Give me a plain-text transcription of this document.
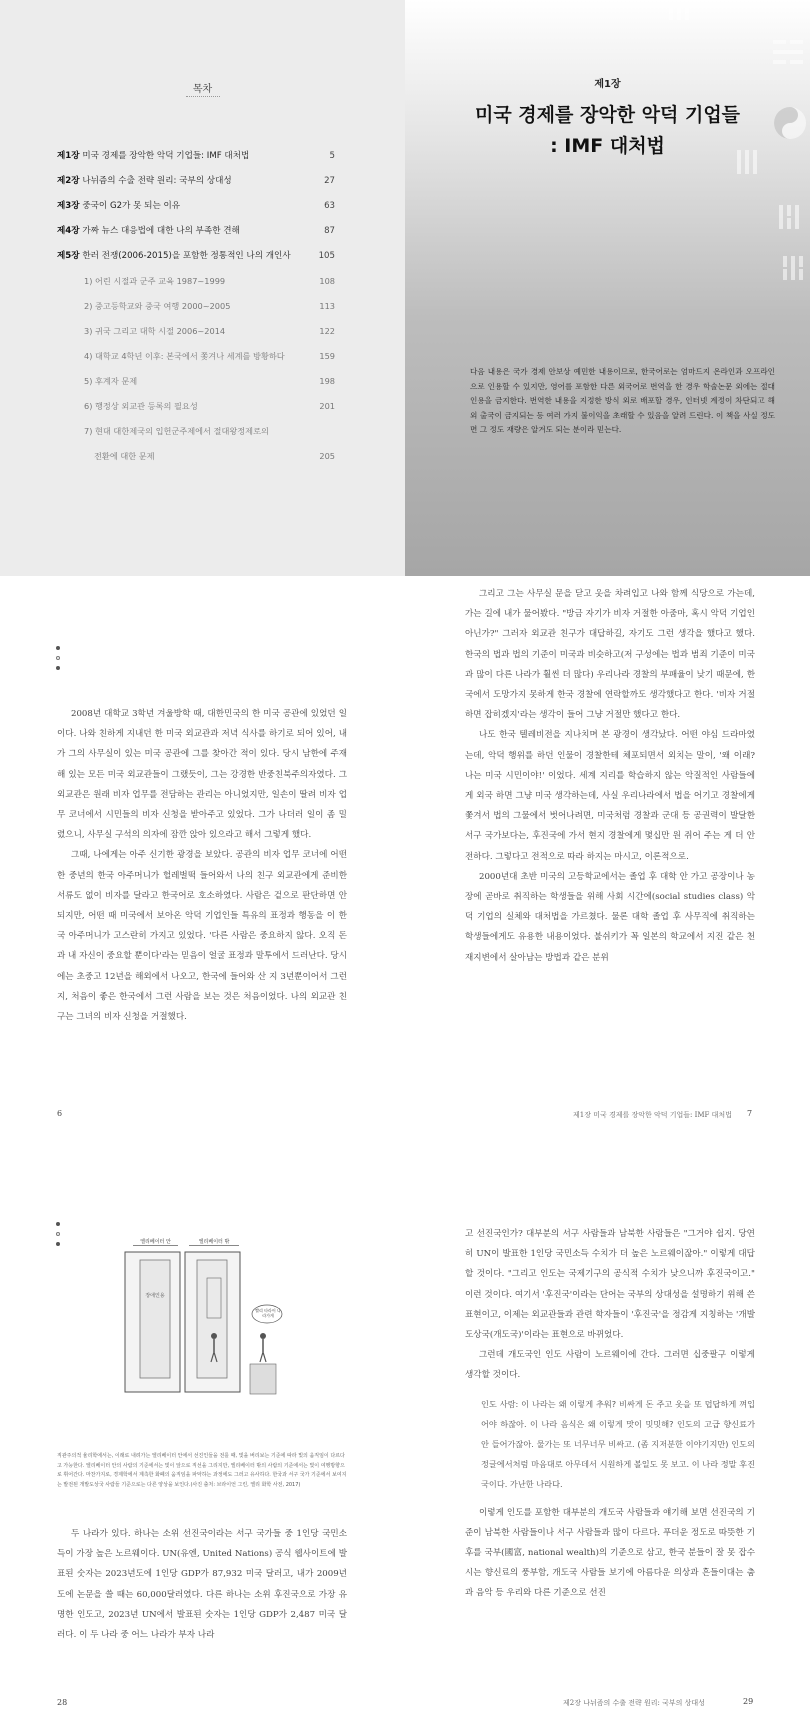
목차
제1장 미국 경제를 장악한 악덕 기업들: IMF 대처법	5
제2장 나뉘즘의 수출 전략 원리: 국부의 상대성	27
제3장 중국이 G2가 못 되는 이유	63
제4장 가짜 뉴스 대응법에 대한 나의 부족한 견해	87
제5장 한러 전쟁(2006-2015)을 포함한 정통적인 나의 개인사	105
1) 어린 시절과 군주 교육 1987~1999	108
2) 중고등학교와 중국 여행 2000~2005	113
3) 귀국 그리고 대학 시절 2006~2014	122
4) 대학교 4학년 이후: 본국에서 쫓겨나 세계를 방황하다	159
5) 후계자 문제	198
6) 행정상 외교관 등록의 필요성	201
7) 현대 대한제국의 입헌군주제에서 절대왕정제로의
전환에 대한 문제	205
제1장
미국 경제를 장악한 악덕 기업들
: IMF 대처법
다음 내용은 국가 경제 안보상 예민한 내용이므로, 한국어로는 엄마드지 온라인과 오프라인으로 인용할 수 있지만, 영어를 포함한 다른 외국어로 번역을 한 경우 학술논문 외에는 절대 인용을 금지한다. 번역한 내용을 지정한 방식 외로 배포할 경우, 인터넷 계정이 차단되고 해외 출국이 금지되는 등 여러 가지 불이익을 초래할 수 있음을 알려 드린다. 이 책을 사실 정도면 그 정도 재량은 알겨도 되는 분이라 믿는다.

2008년 대학교 3학년 겨울방학 때, 대한민국의 한 미국 공관에 있었던 일이다. 나와 친하게 지내던 한 미국 외교관과 저녁 식사를 하기로 되어 있어, 내가 그의 사무실이 있는 미국 공관에 그를 찾아간 적이 있다. 당시 남한에 주재해 있는 모든 미국 외교관들이 그랬듯이, 그는 강경한 반중친북주의자였다. 그 외교관은 원래 비자 업무를 전담하는 관리는 아니었지만, 일손이 딸려 비자 업무 코너에서 시민들의 비자 신청을 받아주고 있었다. 그가 나더러 일이 좀 밀렸으니, 사무실 구석의 의자에 잠깐 앉아 있으라고 해서 그렇게 했다.

그때, 나에게는 아주 신기한 광경을 보았다. 공관의 비자 업무 코너에 어떤 한 중년의 한국 아주머니가 헐레벌떡 들어와서 나의 친구 외교관에게 준비한 서류도 없이 비자를 달라고 한국어로 호소하였다. 사람은 겉으로 판단하면 안 되지만, 어떤 때 미국에서 보아온 악덕 기업인들 특유의 표정과 행동을 이 한국 아주머니가 고스란히 가지고 있었다. '다른 사람은 중요하지 않다. 오직 돈과 내 자신이 중요할 뿐이다'라는 믿음이 얼굴 표정과 말투에서 드러난다. 당시에는 초중고 12년을 해외에서 나오고, 한국에 들어와 산 지 3년뿐이어서 그런지, 처음이 좋은 한국에서 그런 사람을 보는 것은 처음이었다. 나의 외교관 친구는 그녀의 비자 신청을 거절했다.

6

그리고 그는 사무실 문을 닫고 옷을 차려입고 나와 함께 식당으로 가는데, 가는 길에 내가 물어봤다. "방금 자기가 비자 거절한 아줌마, 혹시 악덕 기업인 아닌가?" 그러자 외교관 친구가 대답하길, 자기도 그런 생각을 했다고 했다. 한국의 법과 법의 기준이 미국과 비슷하고(저 구성에는 법과 범죄 기준이 미국과 많이 다른 나라가 훨씬 더 많다) 우리나라 경찰의 부패율이 낮기 때문에, 한국에서 도망가지 못하게 한국 경찰에 연락할까도 생각했다고 한다. '비자 거절하면 잡히겠지'라는 생각이 들어 그냥 거절만 했다고 한다.

나도 한국 텔레비전을 지나치며 본 광경이 생각났다. 어떤 야심 드라마였는데, 악덕 행위를 하던 인물이 경찰한테 체포되면서 외치는 말이, '왜 이래? 나는 미국 시민이야!' 이었다. 세계 지리를 학습하지 않는 악질적인 사람들에게 외국 하면 그냥 미국 생각하는데, 사실 우리나라에서 법을 어기고 경찰에게 쫓겨서 법의 그물에서 벗어나려면, 미국처럼 경찰과 군대 등 공권력이 발달한 서구 국가보다는, 후진국에 가서 현지 경찰에게 몇십만 원 쥐어 주는 게 더 안전하다. 그렇다고 전적으로 따라 하지는 마시고, 이론적으로.

2000년대 초반 미국의 고등학교에서는 졸업 후 대학 안 가고 공장이나 농장에 곧바로 취직하는 학생들을 위해 사회 시간에(social studies class) 악덕 기업의 실체와 대처법을 가르쳤다. 물론 대학 졸업 후 사무직에 취직하는 학생들에게도 유용한 내용이었다. 불쉬키가 꼭 일본의 학교에서 지진 같은 천재지변에서 살아남는 방법과 같은 분위

제1장 미국 경제를 장악한 악덕 기업들: IMF 대처법 7
엘리베이터 안	엘리베이터 밖
장애인용
빨리 타라어 나라가게
직관주의적 율리학에서는, 이래로 내려가는 엘리베이터 안에서 선진인들을 전를 때, 빛을 버리보는 기준에 따라 빛의 움직임이 다르다고 가능한다. 엘리베이터 안의 사람의 기준에서는 빛이 앞으로 직선을 그리지만, 엘리베이터 밖의 사람의 기준에서는 빛이 여행방향으로 휘어간다. 마찬가지로, 경제학에서 계측한 화폐의 움직임을 파악하는 과정에도 그러고 유사하다. 한국과 서구 국가 기준에서 보여지는 발전된 개발도상국 사람들 기준으로는 다른 양상을 보인다.(사진 출처: 브라이언 그린, 엘리 화학 사전, 2017)

두 나라가 있다. 하나는 소위 선진국이라는 서구 국가들 중 1인당 국민소득이 가장 높은 노르웨이다. UN(유엔, United Nations) 공식 웹사이트에 발표된 숫자는 2023년도에 1인당 GDP가 87,932 미국 달러고, 내가 2009년도에 논문을 쓸 때는 60,000달러였다. 다른 하나는 소위 후진국으로 가장 유명한 인도고, 2023년 UN에서 발표된 숫자는 1인당 GDP가 2,487 미국 달러다. 이 두 나라 중 어느 나라가 부자 나라

28

고 선진국인가? 대부분의 서구 사람들과 남북한 사람들은 "그거야 쉽지. 당연히 UN이 발표한 1인당 국민소득 수치가 더 높은 노르웨이잖아." 이렇게 대답할 것이다. "그리고 인도는 국제기구의 공식적 수치가 낮으니까 후진국이고." 이런 것이다. 여기서 '후진국'이라는 단어는 국부의 상대성을 설명하기 위해 쓴 표현이고, 이제는 외교관들과 관련 학자들이 '후진국'을 정감게 지칭하는 '개발도상국(개도국)'이라는 표현으로 바뀌었다.

그런데 개도국인 인도 사람이 노르웨이에 간다. 그러면 십중팔구 이렇게 생각할 것이다.

인도 사람: 이 나라는 왜 이렇게 추워? 비싸게 돈 주고 옷을 또 덥답하게 껴입어야 하잖아. 이 나라 음식은 왜 이렇게 맛이 밋밋해? 인도의 고급 향신료가 안 들어가잖아. 물가는 또 너무너무 비싸고. (좀 지저분한 이야기지만) 인도의 정글에서처럼 마음대로 아무데서 시원하게 볼일도 못 보고. 이 나라 정말 후진국이다. 가난한 나라다.

이렇게 인도를 포함한 대부분의 개도국 사람들과 얘기해 보면 선진국의 기준이 남북한 사람들이나 서구 사람들과 많이 다르다. 푸더운 정도로 따뜻한 기후를 국부(國富, national wealth)의 기준으로 삼고, 한국 분들이 잘 못 잡수시는 향신료의 풍부함, 개도국 사람들 보기에 아름다운 의상과 흔들이대는 춤과 음악 등 우리와 다른 기준으로 선진

제2장 나뉘즘의 수출 전략 원리: 국부의 상대성	29
